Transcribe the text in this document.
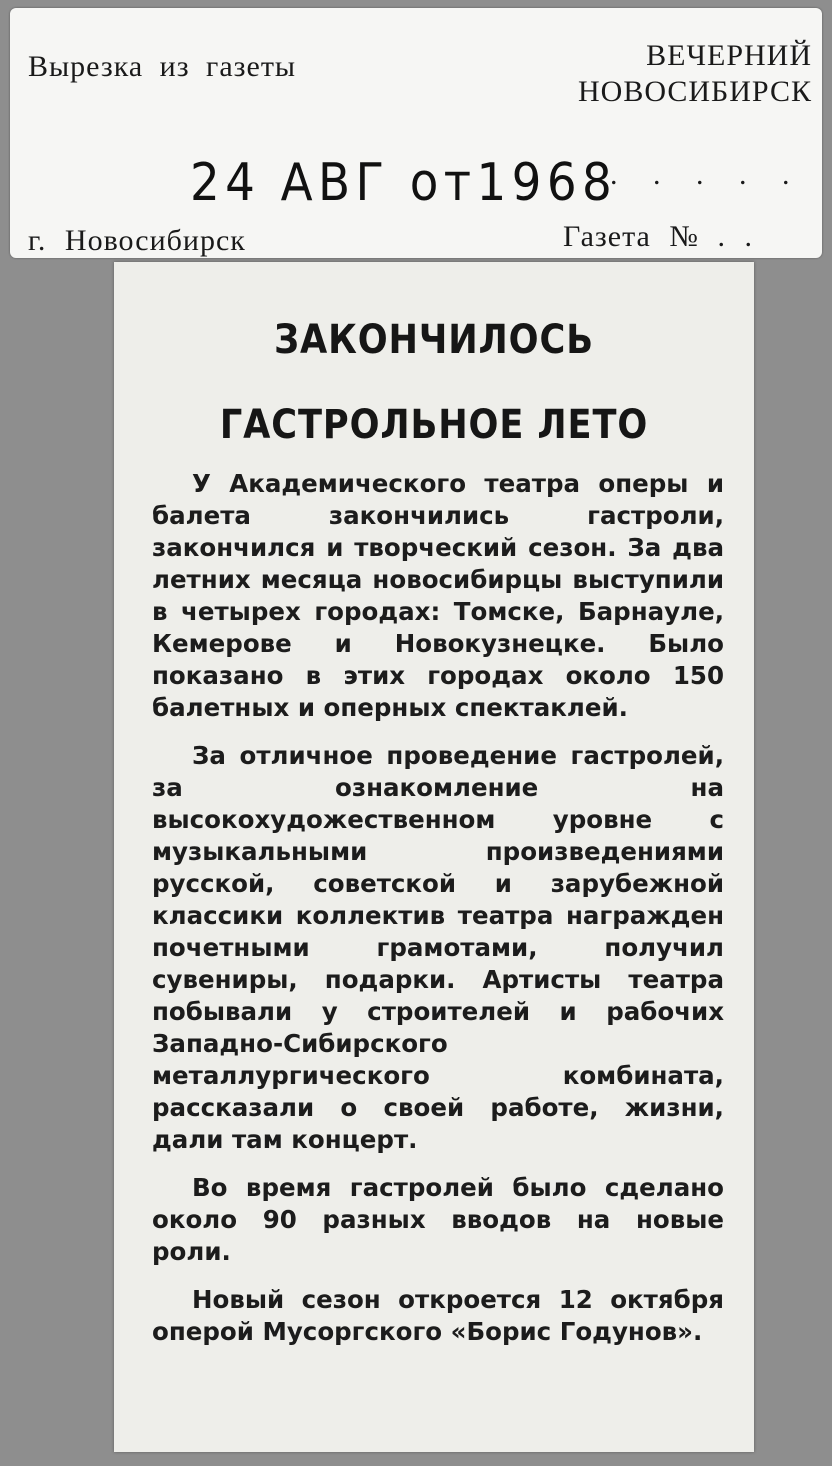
Вырезка из газеты	ВЕЧЕРНИЙ
НОВОСИБИРСК
24 АВГ от1968
. . . . .
г. Новосибирск	Газета № . .
ЗАКОНЧИЛОСЬ
ГАСТРОЛЬНОЕ ЛЕТО

У Академического театра оперы и балета закончились гастроли, закончился и творческий сезон. За два летних месяца новосибирцы выступили в четырех городах: Томске, Барнауле, Кемерове и Новокузнецке. Было показано в этих городах около 150 балетных и оперных спектаклей.

За отличное проведение гастролей, за ознакомление на высокохудожественном уровне с музыкальными произведениями русской, советской и зарубежной классики коллектив театра награжден почетными грамотами, получил сувениры, подарки. Артисты театра побывали у строителей и рабочих Западно-Сибирского металлургического комбината, рассказали о своей работе, жизни, дали там концерт.

Во время гастролей было сделано около 90 разных вводов на новые роли.

Новый сезон откроется 12 октября оперой Мусоргского «Борис Годунов».
